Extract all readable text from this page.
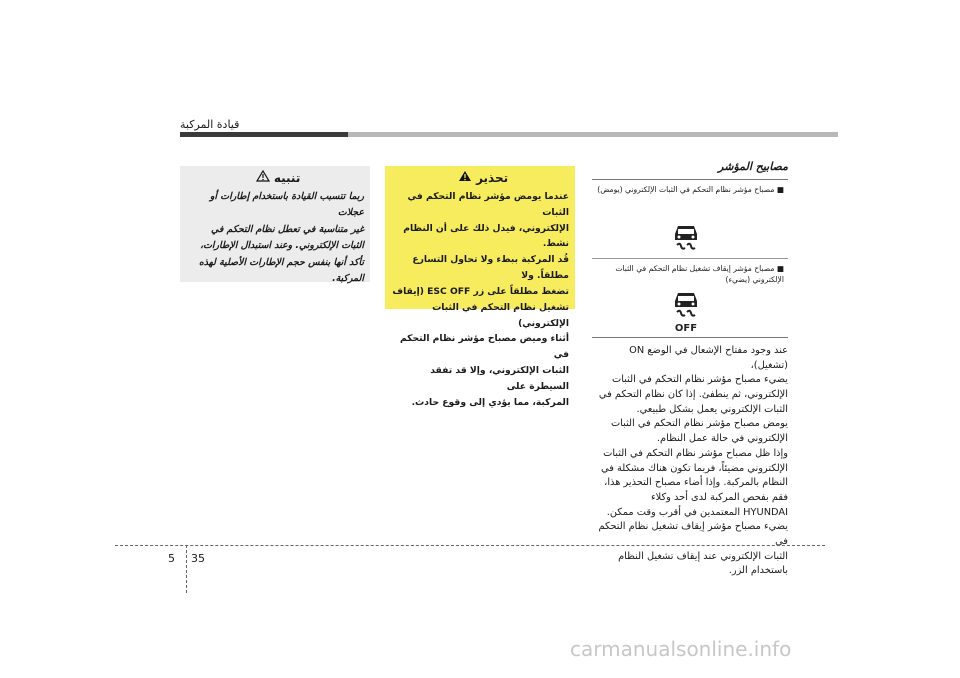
قيادة المركبة
تنبيه
ربما تتسبب القيادة باستخدام إطارات أو عجلات
غير متناسبة في تعطل نظام التحكم في
الثبات الإلكتروني. وعند استبدال الإطارات،
تأكد أنها بنفس حجم الإطارات الأصلية لهذه
المركبة.
تحذير
عندما يومض مؤشر نظام التحكم في الثبات
الإلكتروني، فيدل ذلك على أن النظام نشط.
قُد المركبة ببطء ولا تحاول التسارع مطلقاً. ولا
تضغط مطلقاً على زر ESC OFF (إيقاف
تشغيل نظام التحكم في الثبات الإلكتروني)
أثناء وميض مصباح مؤشر نظام التحكم في
الثبات الإلكتروني، وإلا قد تفقد السيطرة على
المركبة، مما يؤدي إلى وقوع حادث.
مصابيح المؤشر
■ مصباح مؤشر نظام التحكم في الثبات الإلكتروني (يومض)
■ مصباح مؤشر إيقاف تشغيل نظام التحكم في الثبات الإلكتروني (يضيء)
OFF
عند وجود مفتاح الإشعال في الوضع ON (تشغيل)،
يضيء مصباح مؤشر نظام التحكم في الثبات
الإلكتروني، ثم ينطفئ. إذا كان نظام التحكم في
الثبات الإلكتروني يعمل بشكل طبيعي.
يومض مصباح مؤشر نظام التحكم في الثبات
الإلكتروني في حالة عمل النظام.
وإذا ظل مصباح مؤشر نظام التحكم في الثبات
الإلكتروني مضيئاً، فربما تكون هناك مشكلة في
النظام بالمركبة. وإذا أضاء مصباح التحذير هذا،
فقم بفحص المركبة لدى أحد وكلاء
HYUNDAI المعتمدين في أقرب وقت ممكن.
يضيء مصباح مؤشر إيقاف تشغيل نظام التحكم في
الثبات الإلكتروني عند إيقاف تشغيل النظام
باستخدام الزر.
5 35
carmanualsonline.info
